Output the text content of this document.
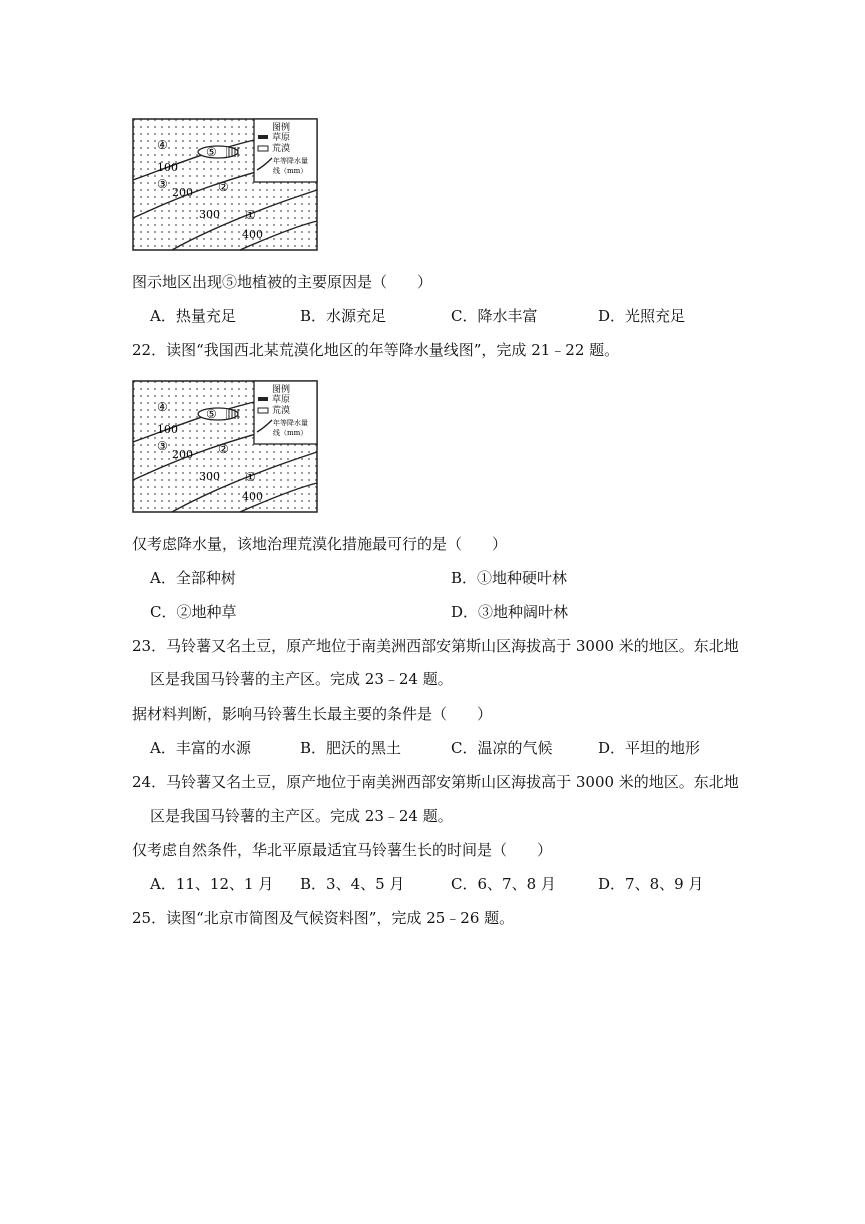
图例
草原
荒漠
年等降水量
线（mm）
100
200
300
400
④	⑤
③	②
①
图示地区出现⑤地植被的主要原因是（　　）
A．热量充足	B．水源充足	C．降水丰富	D．光照充足
22．读图“我国西北某荒漠化地区的年等降水量线图”，完成 21﹣22 题。
图例
草原
荒漠
年等降水量
线（mm）
100
200
300
400
④	⑤
③	②
①
仅考虑降水量，该地治理荒漠化措施最可行的是（　　）
A．全部种树	B．①地种硬叶林
C．②地种草	D．③地种阔叶林
23．马铃薯又名土豆，原产地位于南美洲西部安第斯山区海拔高于 3000 米的地区。东北地
区是我国马铃薯的主产区。完成 23﹣24 题。
据材料判断，影响马铃薯生长最主要的条件是（　　）
A．丰富的水源	B．肥沃的黑土	C．温凉的气候	D．平坦的地形
24．马铃薯又名土豆，原产地位于南美洲西部安第斯山区海拔高于 3000 米的地区。东北地
区是我国马铃薯的主产区。完成 23﹣24 题。
仅考虑自然条件，华北平原最适宜马铃薯生长的时间是（　　）
A．11、12、1 月 B．3、4、5 月	C．6、7、8 月	D．7、8、9 月
25．读图“北京市简图及气候资料图”，完成 25﹣26 题。
